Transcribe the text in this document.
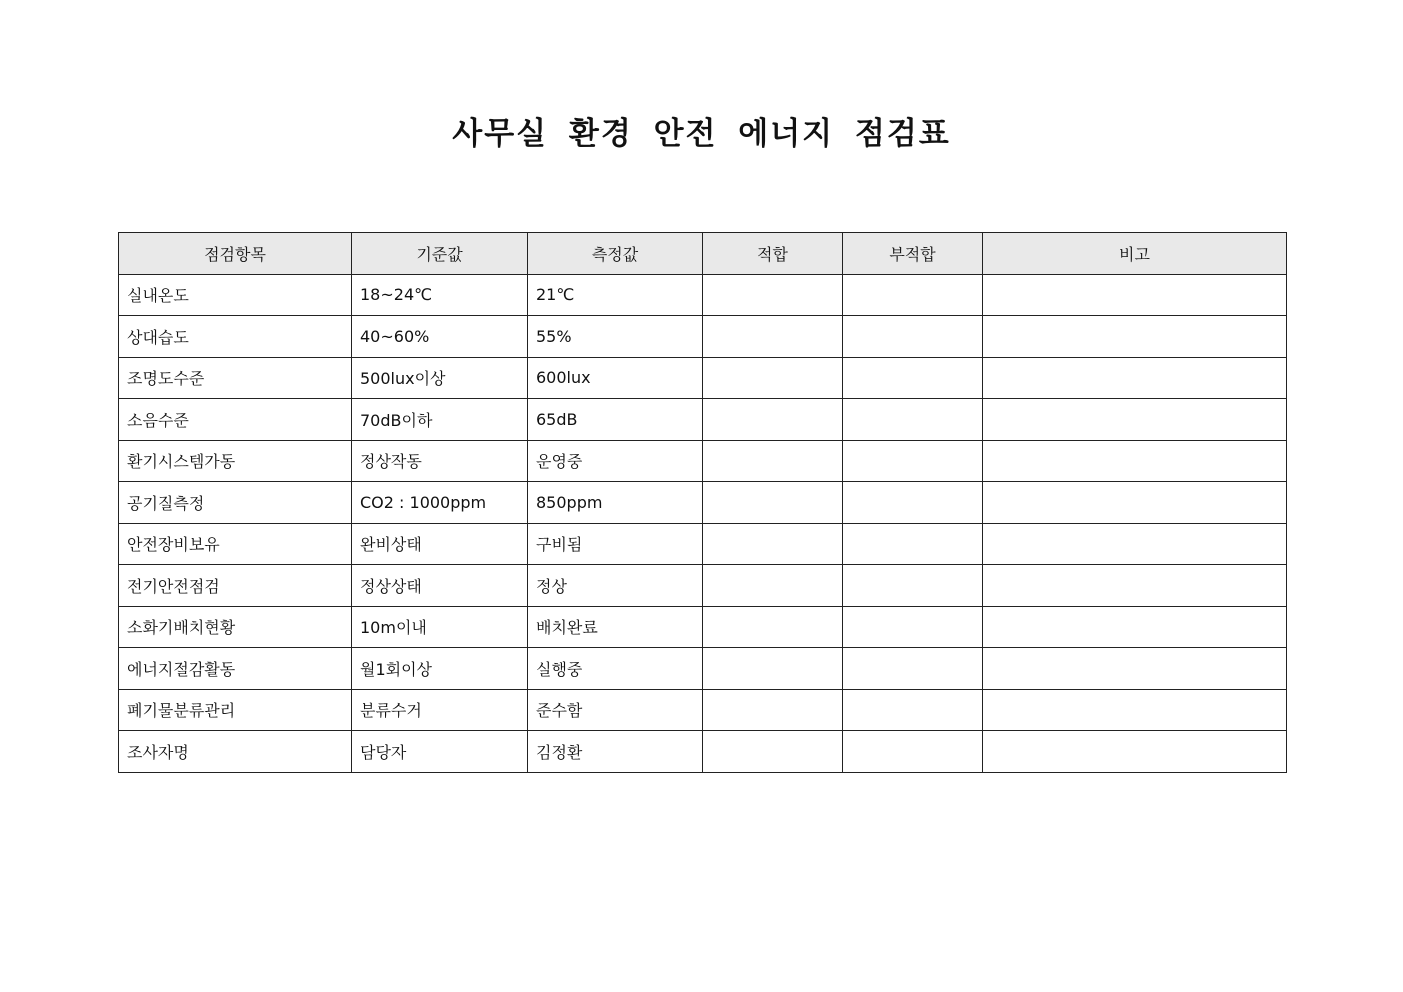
사무실 환경 안전 에너지 점검표
점검항목	기준값	측정값	적합	부적합	비고
실내온도	18~24℃	21℃			
상대습도	40~60%	55%			
조명도수준	500lux이상	600lux			
소음수준	70dB이하	65dB			
환기시스템가동	정상작동	운영중			
공기질측정	CO2 : 1000ppm	850ppm			
안전장비보유	완비상태	구비됨			
전기안전점검	정상상태	정상			
소화기배치현황	10m이내	배치완료			
에너지절감활동	월1회이상	실행중			
폐기물분류관리	분류수거	준수함			
조사자명	담당자	김정환			
